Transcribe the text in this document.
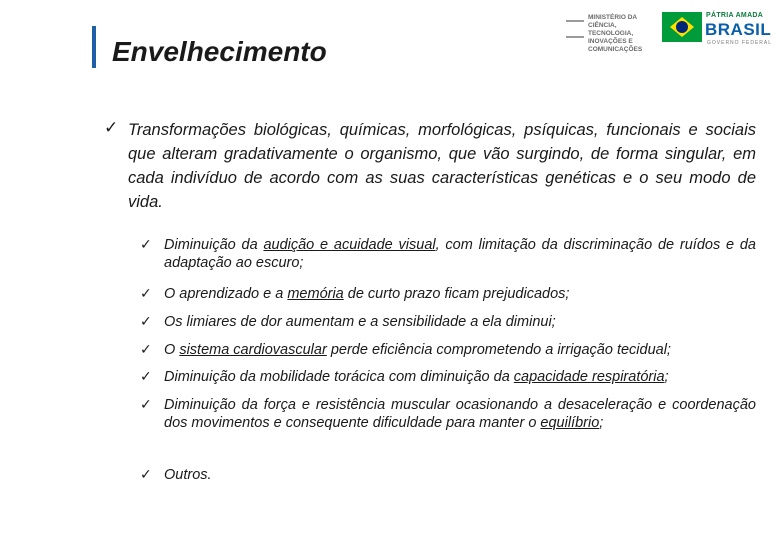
Envelhecimento
MINISTÉRIO DA CIÊNCIA, TECNOLOGIA, INOVAÇÕES E COMUNICAÇÕES
PÁTRIA AMADA
BRASIL
GOVERNO FEDERAL
✓ Transformações biológicas, químicas, morfológicas, psíquicas, funcionais e sociais que alteram gradativamente o organismo, que vão surgindo, de forma singular, em cada indivíduo de acordo com as suas características genéticas e o seu modo de vida.
✓ Diminuição da audição e acuidade visual, com limitação da discriminação de ruídos e da adaptação ao escuro;
✓ O aprendizado e a memória de curto prazo ficam prejudicados;
✓ Os limiares de dor aumentam e a sensibilidade a ela diminui;
✓ O sistema cardiovascular perde eficiência comprometendo a irrigação tecidual;
✓ Diminuição da mobilidade torácica com diminuição da capacidade respiratória;
✓ Diminuição da força e resistência muscular ocasionando a desaceleração e coordenação dos movimentos e consequente dificuldade para manter o equilíbrio;
✓ Outros.
